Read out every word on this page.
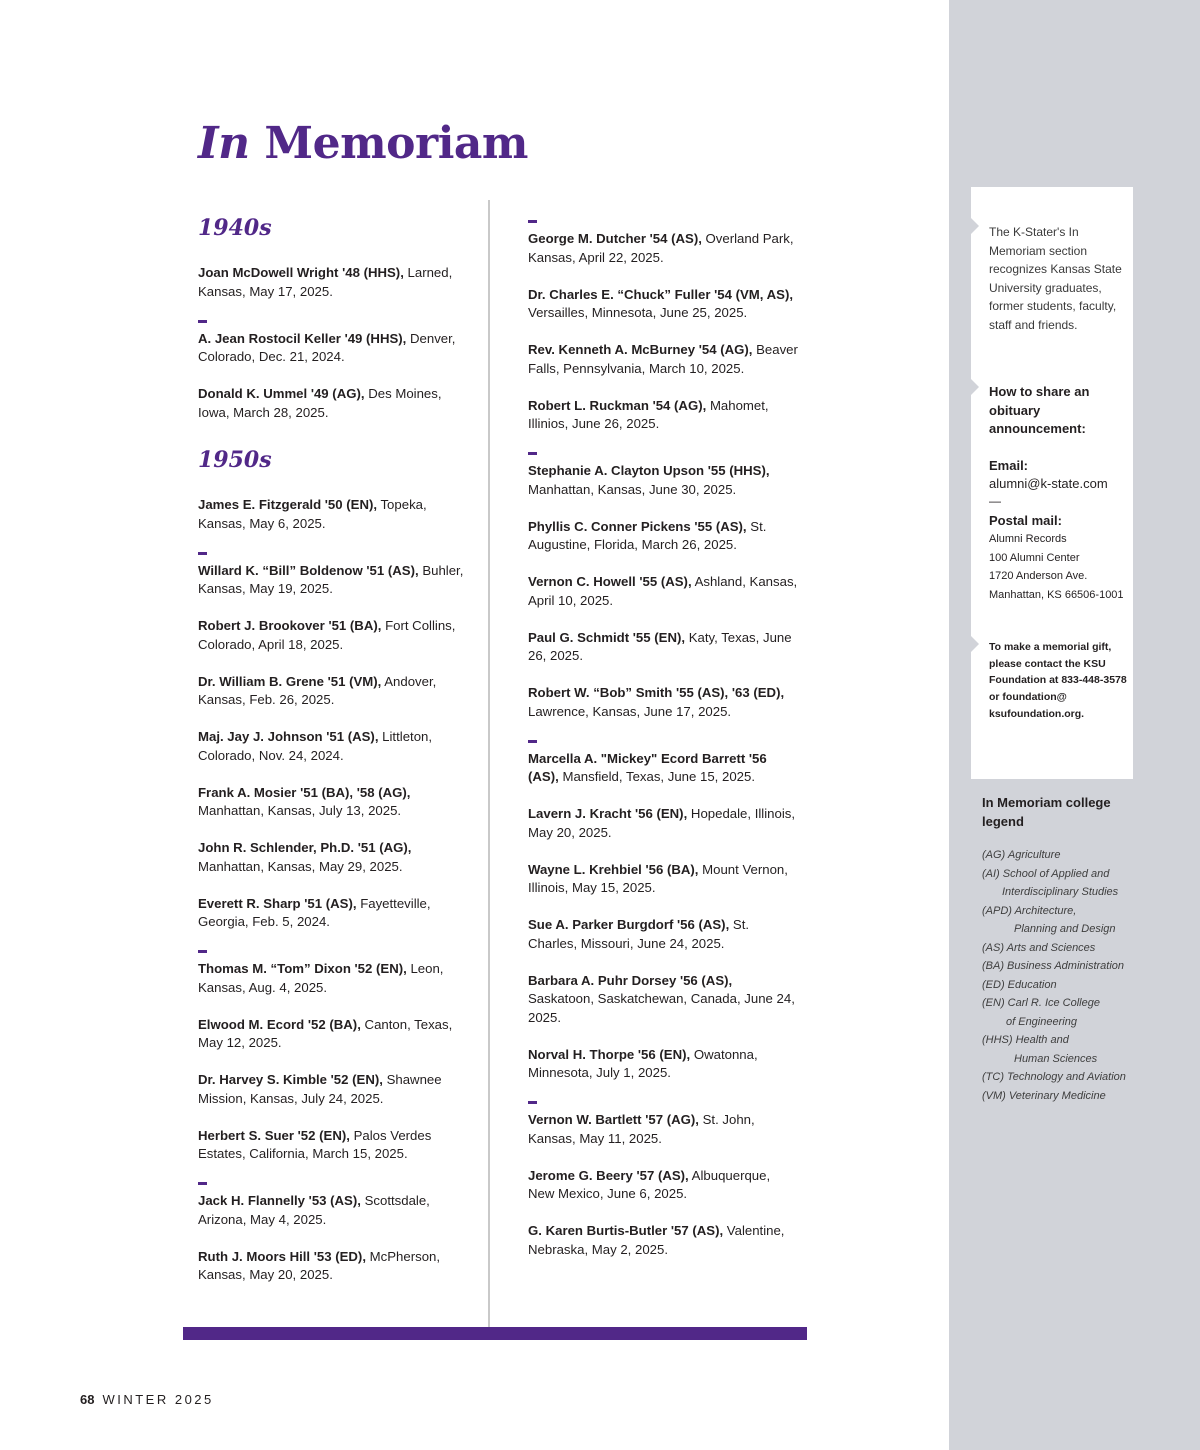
In Memoriam
1940s

Joan McDowell Wright '48 (HHS), Larned, Kansas, May 17, 2025.

A. Jean Rostocil Keller '49 (HHS), Denver, Colorado, Dec. 21, 2024.

Donald K. Ummel '49 (AG), Des Moines, Iowa, March 28, 2025.

1950s

James E. Fitzgerald '50 (EN), Topeka, Kansas, May 6, 2025.

Willard K. “Bill” Boldenow '51 (AS), Buhler, Kansas, May 19, 2025.

Robert J. Brookover '51 (BA), Fort Collins, Colorado, April 18, 2025.

Dr. William B. Grene '51 (VM), Andover, Kansas, Feb. 26, 2025.

Maj. Jay J. Johnson '51 (AS), Littleton, Colorado, Nov. 24, 2024.

Frank A. Mosier '51 (BA), '58 (AG), Manhattan, Kansas, July 13, 2025.

John R. Schlender, Ph.D. '51 (AG), Manhattan, Kansas, May 29, 2025.

Everett R. Sharp '51 (AS), Fayetteville, Georgia, Feb. 5, 2024.

Thomas M. “Tom” Dixon '52 (EN), Leon, Kansas, Aug. 4, 2025.

Elwood M. Ecord '52 (BA), Canton, Texas, May 12, 2025.

Dr. Harvey S. Kimble '52 (EN), Shawnee Mission, Kansas, July 24, 2025.

Herbert S. Suer '52 (EN), Palos Verdes Estates, California, March 15, 2025.

Jack H. Flannelly '53 (AS), Scottsdale, Arizona, May 4, 2025.

Ruth J. Moors Hill '53 (ED), McPherson, Kansas, May 20, 2025.

George M. Dutcher '54 (AS), Overland Park, Kansas, April 22, 2025.

Dr. Charles E. “Chuck” Fuller '54 (VM, AS), Versailles, Minnesota, June 25, 2025.

Rev. Kenneth A. McBurney '54 (AG), Beaver Falls, Pennsylvania, March 10, 2025.

Robert L. Ruckman '54 (AG), Mahomet, Illinios, June 26, 2025.

Stephanie A. Clayton Upson '55 (HHS), Manhattan, Kansas, June 30, 2025.

Phyllis C. Conner Pickens '55 (AS), St. Augustine, Florida, March 26, 2025.

Vernon C. Howell '55 (AS), Ashland, Kansas, April 10, 2025.

Paul G. Schmidt '55 (EN), Katy, Texas, June 26, 2025.

Robert W. “Bob” Smith '55 (AS), '63 (ED), Lawrence, Kansas, June 17, 2025.

Marcella A. "Mickey" Ecord Barrett '56 (AS), Mansfield, Texas, June 15, 2025.

Lavern J. Kracht '56 (EN), Hopedale, Illinois, May 20, 2025.

Wayne L. Krehbiel '56 (BA), Mount Vernon, Illinois, May 15, 2025.

Sue A. Parker Burgdorf '56 (AS), St. Charles, Missouri, June 24, 2025.

Barbara A. Puhr Dorsey '56 (AS), Saskatoon, Saskatchewan, Canada, June 24, 2025.

Norval H. Thorpe '56 (EN), Owatonna, Minnesota, July 1, 2025.

Vernon W. Bartlett '57 (AG), St. John, Kansas, May 11, 2025.

Jerome G. Beery '57 (AS), Albuquerque, New Mexico, June 6, 2025.

G. Karen Burtis-Butler '57 (AS), Valentine, Nebraska, May 2, 2025.

68 WINTER 2025
The K-Stater's In Memoriam section recognizes Kansas State University graduates, former students, faculty, staff and friends.

How to share an obituary announcement:

Email:

alumni@k-state.com

—

Postal mail:

Alumni Records

100 Alumni Center

1720 Anderson Ave.

Manhattan, KS 66506-1001

To make a memorial gift, please contact the KSU Foundation at 833-448-3578 or foundation@ ksufoundation.org.

In Memoriam college legend

(AG) Agriculture

(AI) School of Applied and

Interdisciplinary Studies

(APD) Architecture,

Planning and Design

(AS) Arts and Sciences

(BA) Business Administration

(ED) Education

(EN) Carl R. Ice College

of Engineering

(HHS) Health and

Human Sciences

(TC) Technology and Aviation

(VM) Veterinary Medicine
